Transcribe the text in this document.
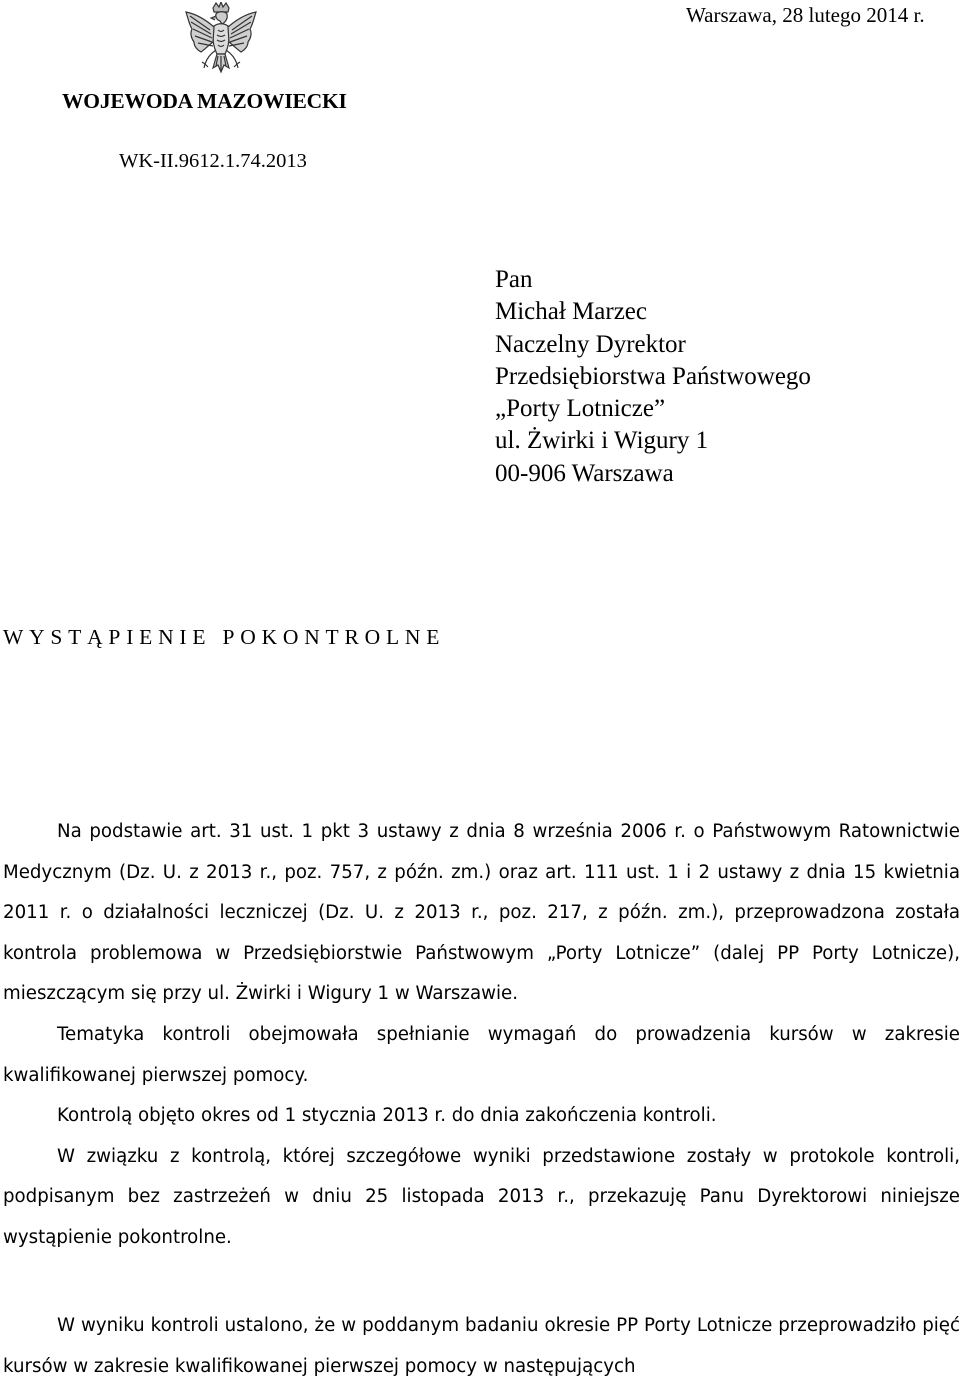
Warszawa, 28 lutego 2014 r.
WOJEWODA MAZOWIECKI
WK-II.9612.1.74.2013
Pan
Michał Marzec
Naczelny Dyrektor
Przedsiębiorstwa Państwowego
„Porty Lotnicze”
ul. Żwirki i Wigury 1
00-906 Warszawa
WYSTĄPIENIE POKONTROLNE

Na podstawie art. 31 ust. 1 pkt 3 ustawy z dnia 8 września 2006 r. o Państwowym Ratownictwie Medycznym (Dz. U. z 2013 r., poz. 757, z późn. zm.) oraz art. 111 ust. 1 i 2 ustawy z dnia 15 kwietnia 2011 r. o działalności leczniczej (Dz. U. z 2013 r., poz. 217, z późn. zm.), przeprowadzona została kontrola problemowa w Przedsiębiorstwie Państwowym „Porty Lotnicze” (dalej PP Porty Lotnicze), mieszczącym się przy ul. Żwirki i Wigury 1 w Warszawie.

Tematyka kontroli obejmowała spełnianie wymagań do prowadzenia kursów w zakresie kwalifikowanej pierwszej pomocy.

Kontrolą objęto okres od 1 stycznia 2013 r. do dnia zakończenia kontroli.

W związku z kontrolą, której szczegółowe wyniki przedstawione zostały w protokole kontroli, podpisanym bez zastrzeżeń w dniu 25 listopada 2013 r., przekazuję Panu Dyrektorowi niniejsze wystąpienie pokontrolne.

W wyniku kontroli ustalono, że w poddanym badaniu okresie PP Porty Lotnicze przeprowadziło pięć kursów w zakresie kwalifikowanej pierwszej pomocy w następujących
